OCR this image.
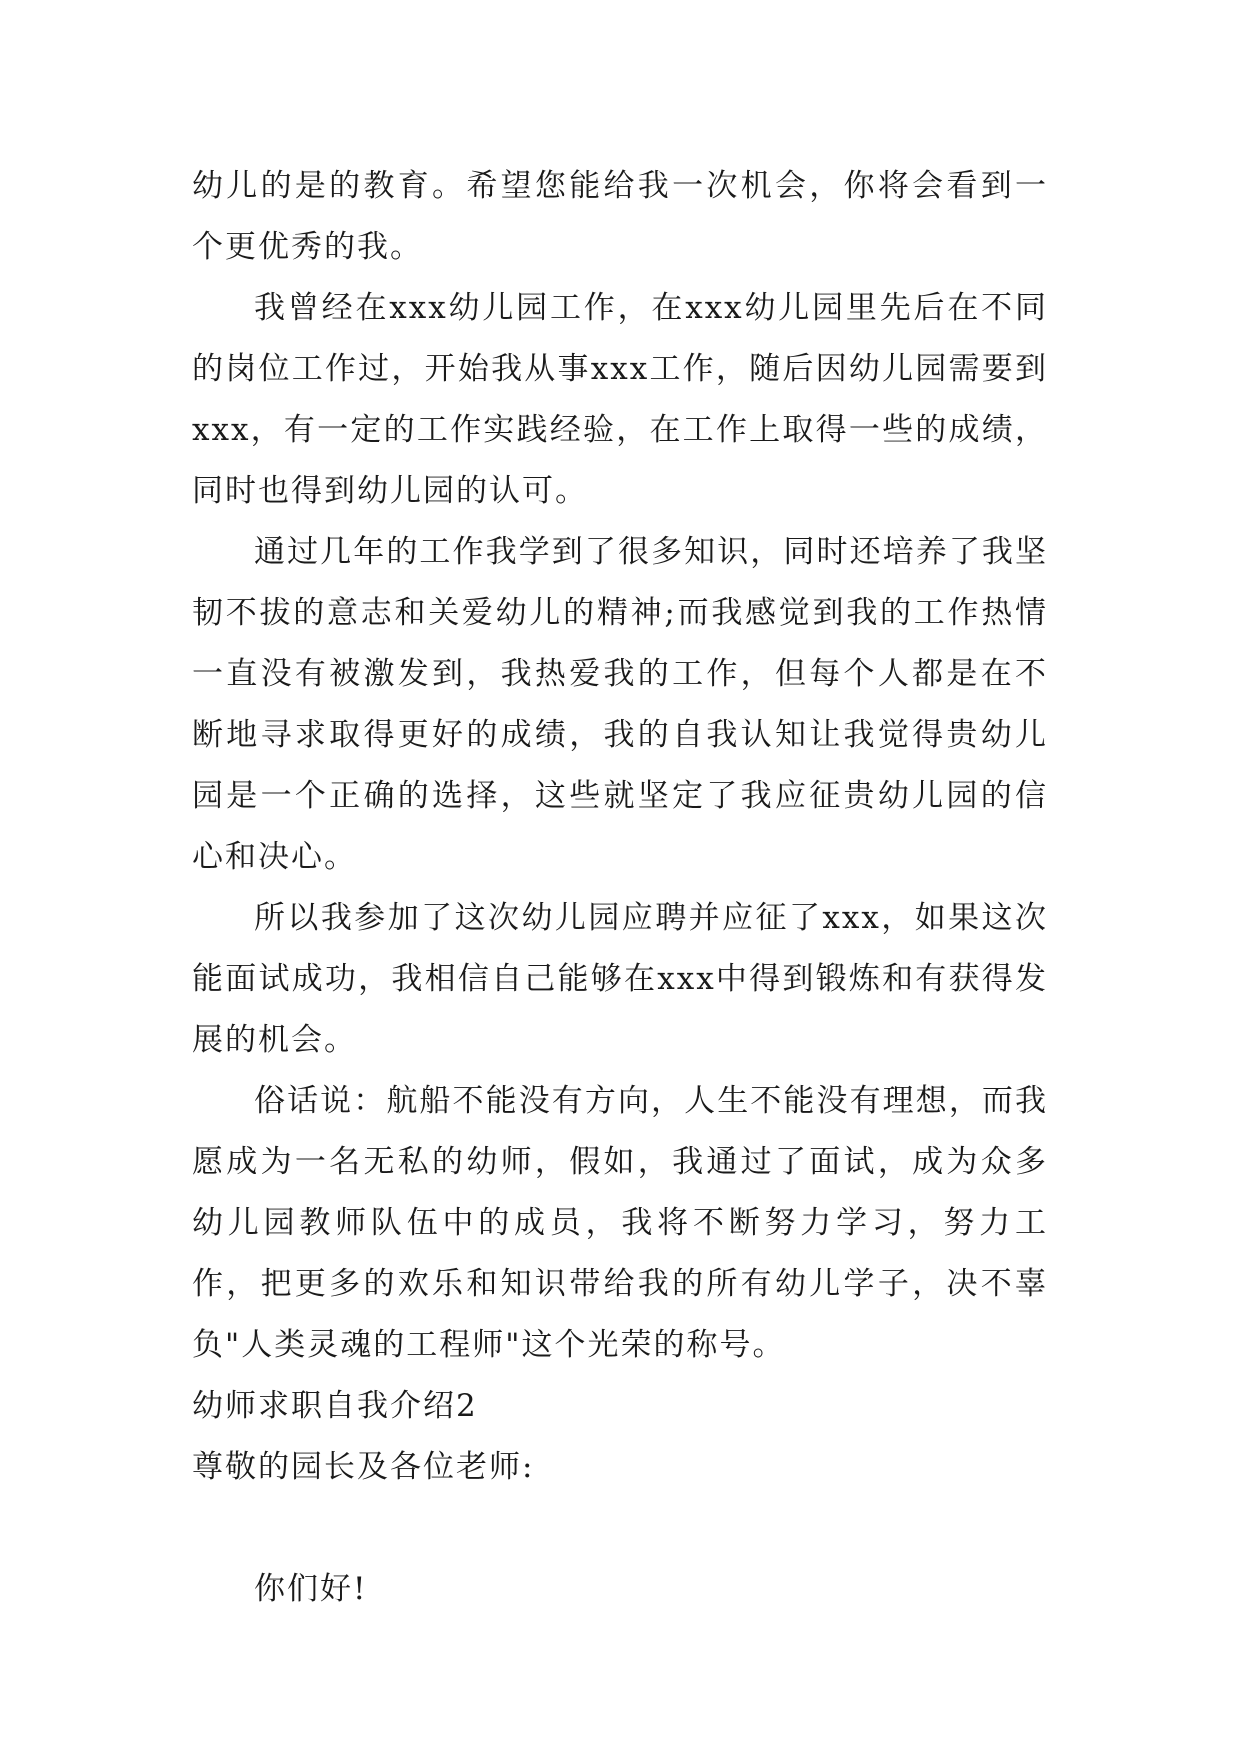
幼儿的是的教育。希望您能给我一次机会，你将会看到一个更优秀的我。

我曾经在xxx幼儿园工作，在xxx幼儿园里先后在不同的岗位工作过，开始我从事xxx工作，随后因幼儿园需要到xxx，有一定的工作实践经验，在工作上取得一些的成绩，同时也得到幼儿园的认可。

通过几年的工作我学到了很多知识，同时还培养了我坚韧不拔的意志和关爱幼儿的精神;而我感觉到我的工作热情一直没有被激发到，我热爱我的工作，但每个人都是在不断地寻求取得更好的成绩，我的自我认知让我觉得贵幼儿园是一个正确的选择，这些就坚定了我应征贵幼儿园的信心和决心。

所以我参加了这次幼儿园应聘并应征了xxx，如果这次能面试成功，我相信自己能够在xxx中得到锻炼和有获得发展的机会。

俗话说：航船不能没有方向，人生不能没有理想，而我愿成为一名无私的幼师，假如，我通过了面试，成为众多幼儿园教师队伍中的成员，我将不断努力学习，努力工作，把更多的欢乐和知识带给我的所有幼儿学子，决不辜负"人类灵魂的工程师"这个光荣的称号。

幼师求职自我介绍2

尊敬的园长及各位老师:

你们好!
